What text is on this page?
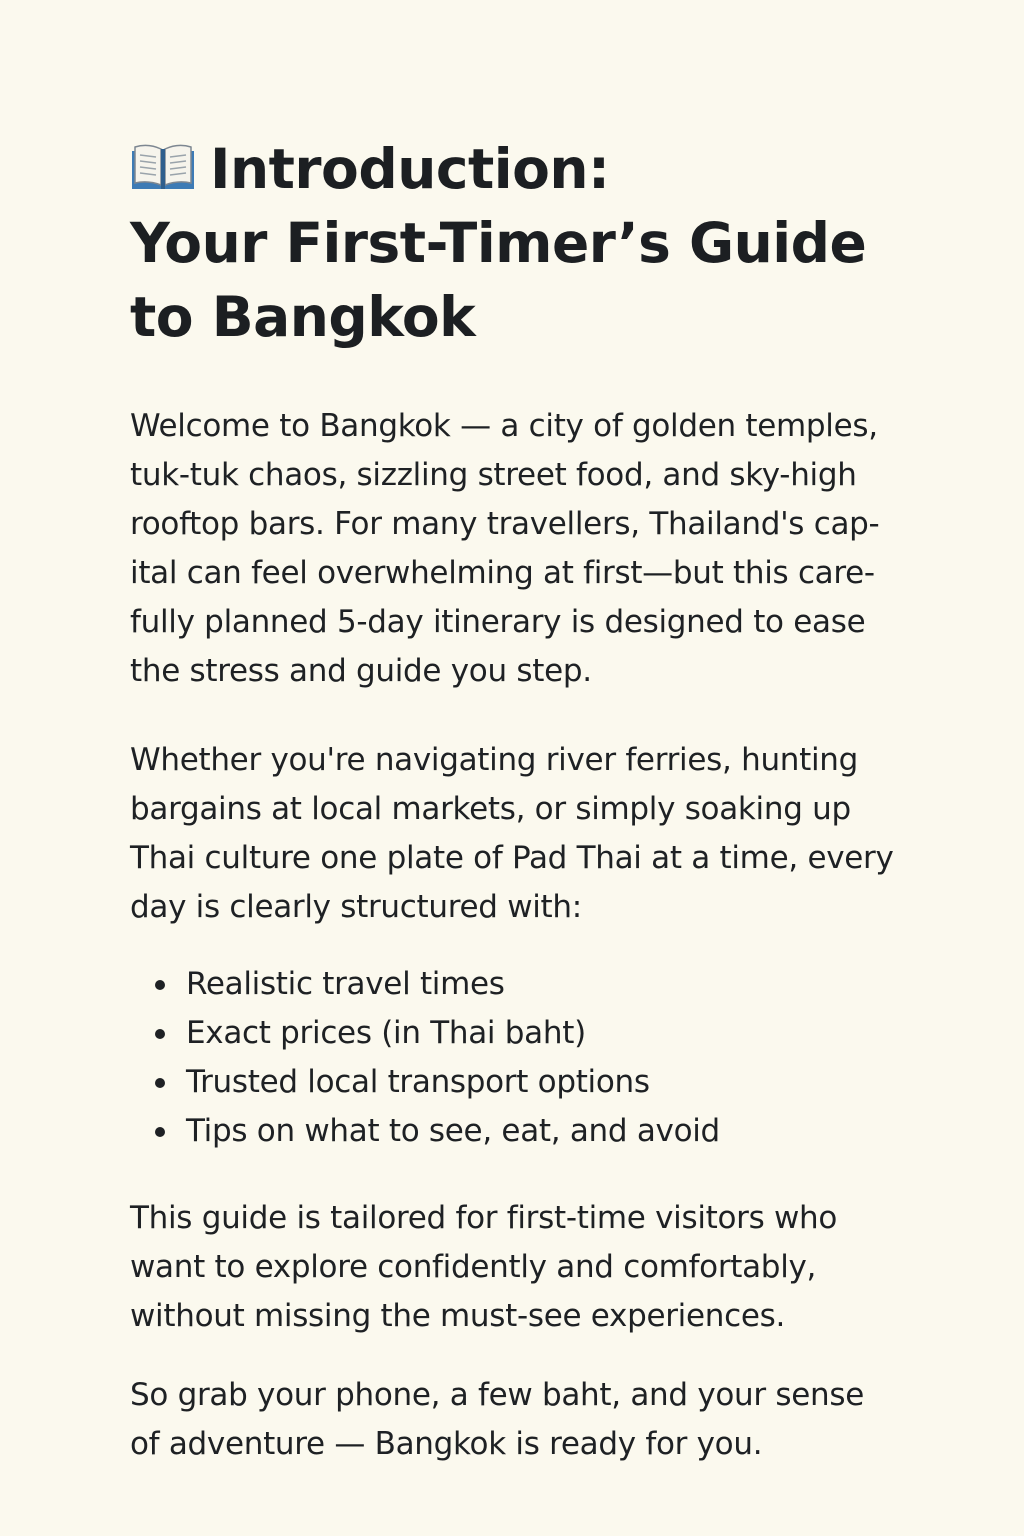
Introduction:
Your First-Timer’s Guide
to Bangkok

Welcome to Bangkok — a city of golden temples,
tuk-tuk chaos, sizzling street food, and sky-high
rooftop bars. For many travellers, Thailand's cap-
ital can feel overwhelming at first—but this care-
fully planned 5-day itinerary is designed to ease
the stress and guide you step.

Whether you're navigating river ferries, hunting
bargains at local markets, or simply soaking up
Thai culture one plate of Pad Thai at a time, every
day is clearly structured with:

Realistic travel times
Exact prices (in Thai baht)
Trusted local transport options
Tips on what to see, eat, and avoid

This guide is tailored for first-time visitors who
want to explore confidently and comfortably,
without missing the must-see experiences.

So grab your phone, a few baht, and your sense
of adventure — Bangkok is ready for you.
